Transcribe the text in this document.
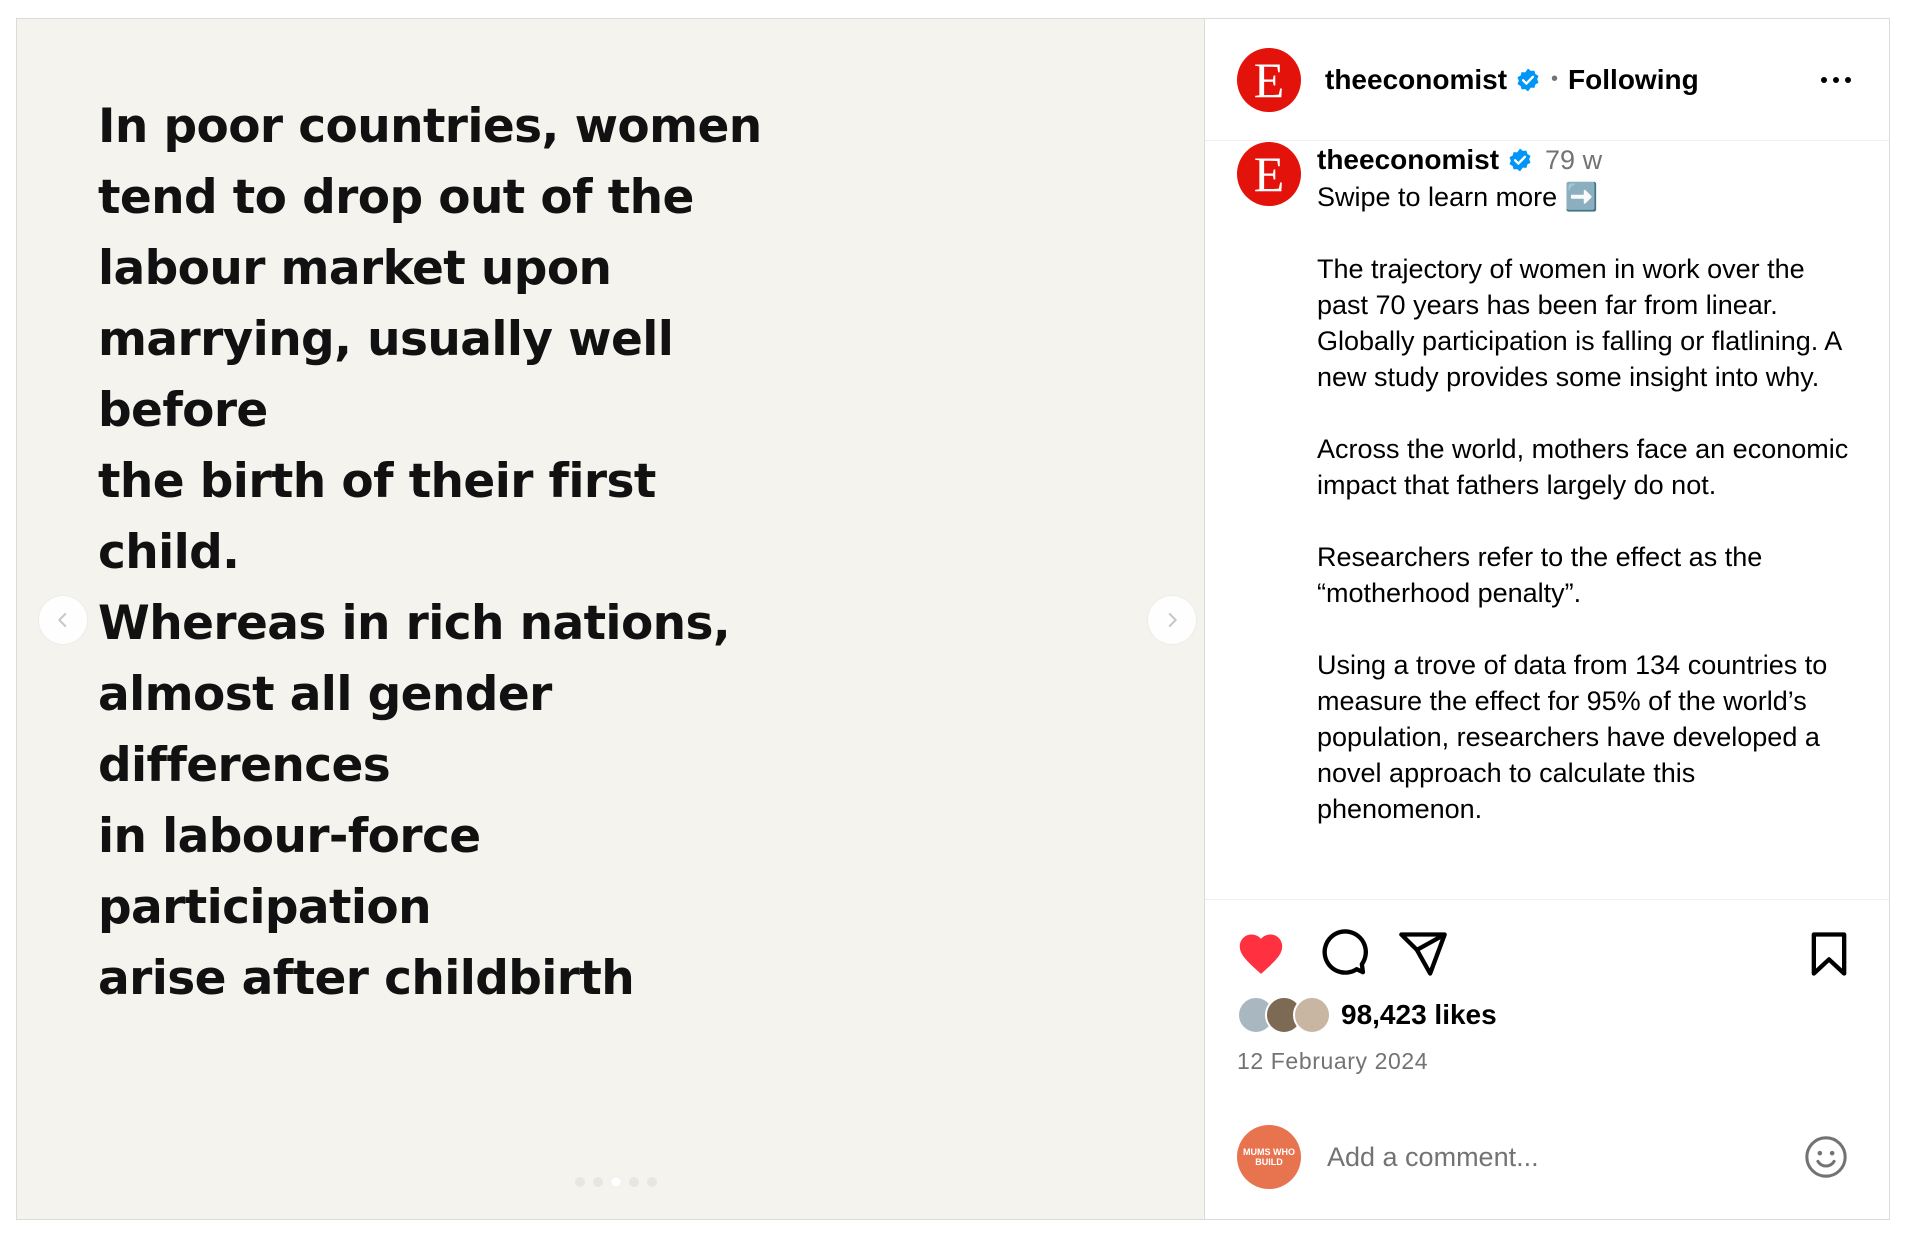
In poor countries, women
tend to drop out of the
labour market upon
marrying, usually well before
the birth of their first child.
Whereas in rich nations,
almost all gender differences
in labour-force participation
arise after childbirth

E	theeconomist • Following
E	theeconomist 79 w

Swipe to learn more ➡️

The trajectory of women in work over the past 70 years has been far from linear. Globally participation is falling or flatlining. A new study provides some insight into why.

Across the world, mothers face an economic impact that fathers largely do not.

Researchers refer to the effect as the “motherhood penalty”.

Using a trove of data from 134 countries to measure the effect for 95% of the world’s population, researchers have developed a novel approach to calculate this phenomenon.

98,423 likes
12 February 2024
MUMS WHO BUILD
Add a comment...
